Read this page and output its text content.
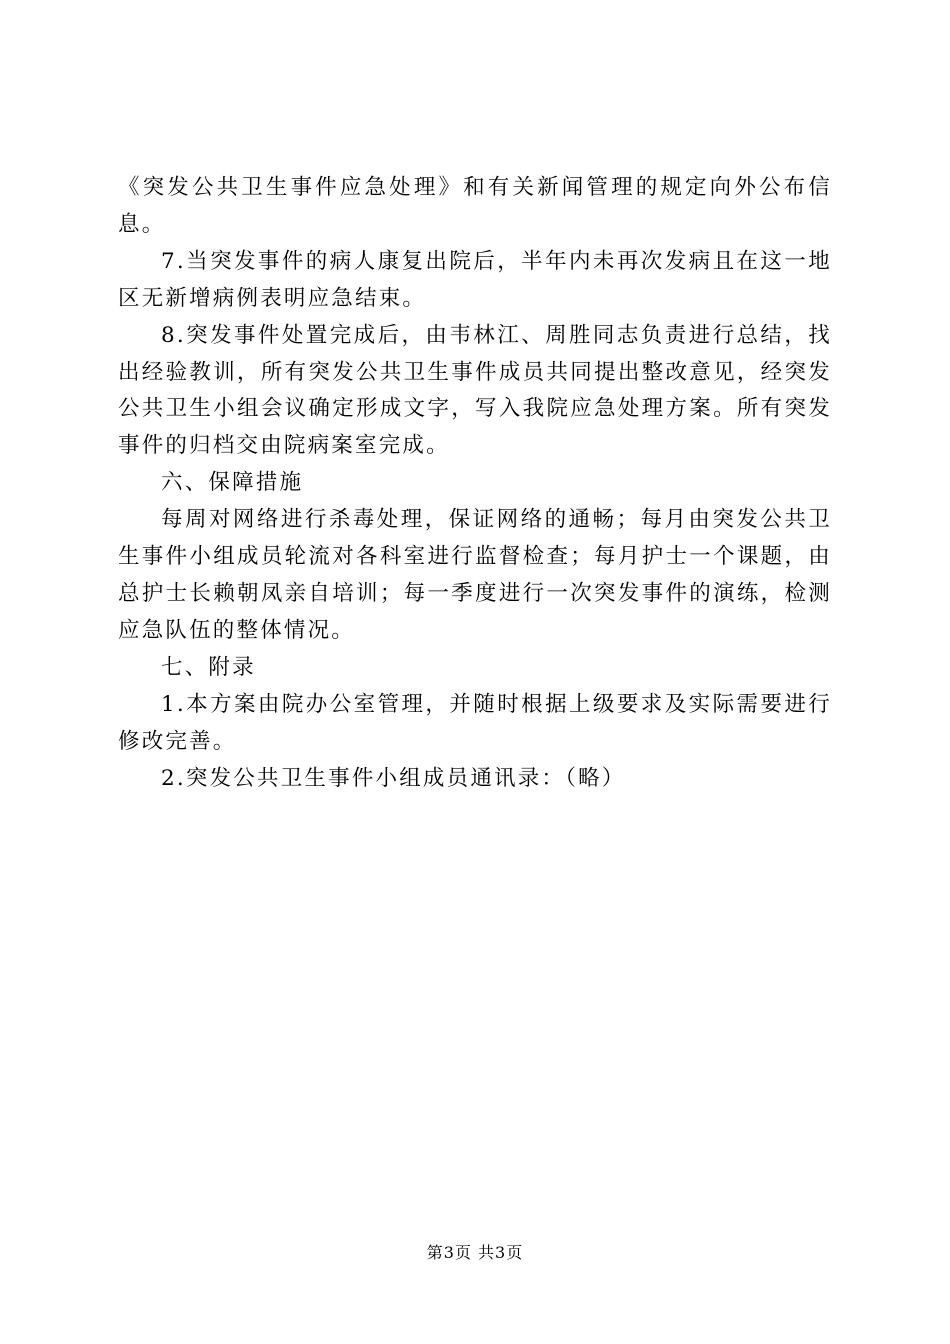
《突发公共卫生事件应急处理》和有关新闻管理的规定向外公布信息。

7.当突发事件的病人康复出院后，半年内未再次发病且在这一地区无新增病例表明应急结束。

8.突发事件处置完成后，由韦林江、周胜同志负责进行总结，找出经验教训，所有突发公共卫生事件成员共同提出整改意见，经突发公共卫生小组会议确定形成文字，写入我院应急处理方案。所有突发事件的归档交由院病案室完成。

六、保障措施

每周对网络进行杀毒处理，保证网络的通畅；每月由突发公共卫生事件小组成员轮流对各科室进行监督检查；每月护士一个课题，由总护士长赖朝凤亲自培训；每一季度进行一次突发事件的演练，检测应急队伍的整体情况。

七、附录

1.本方案由院办公室管理，并随时根据上级要求及实际需要进行修改完善。

2.突发公共卫生事件小组成员通讯录：（略）

第3页 共3页
